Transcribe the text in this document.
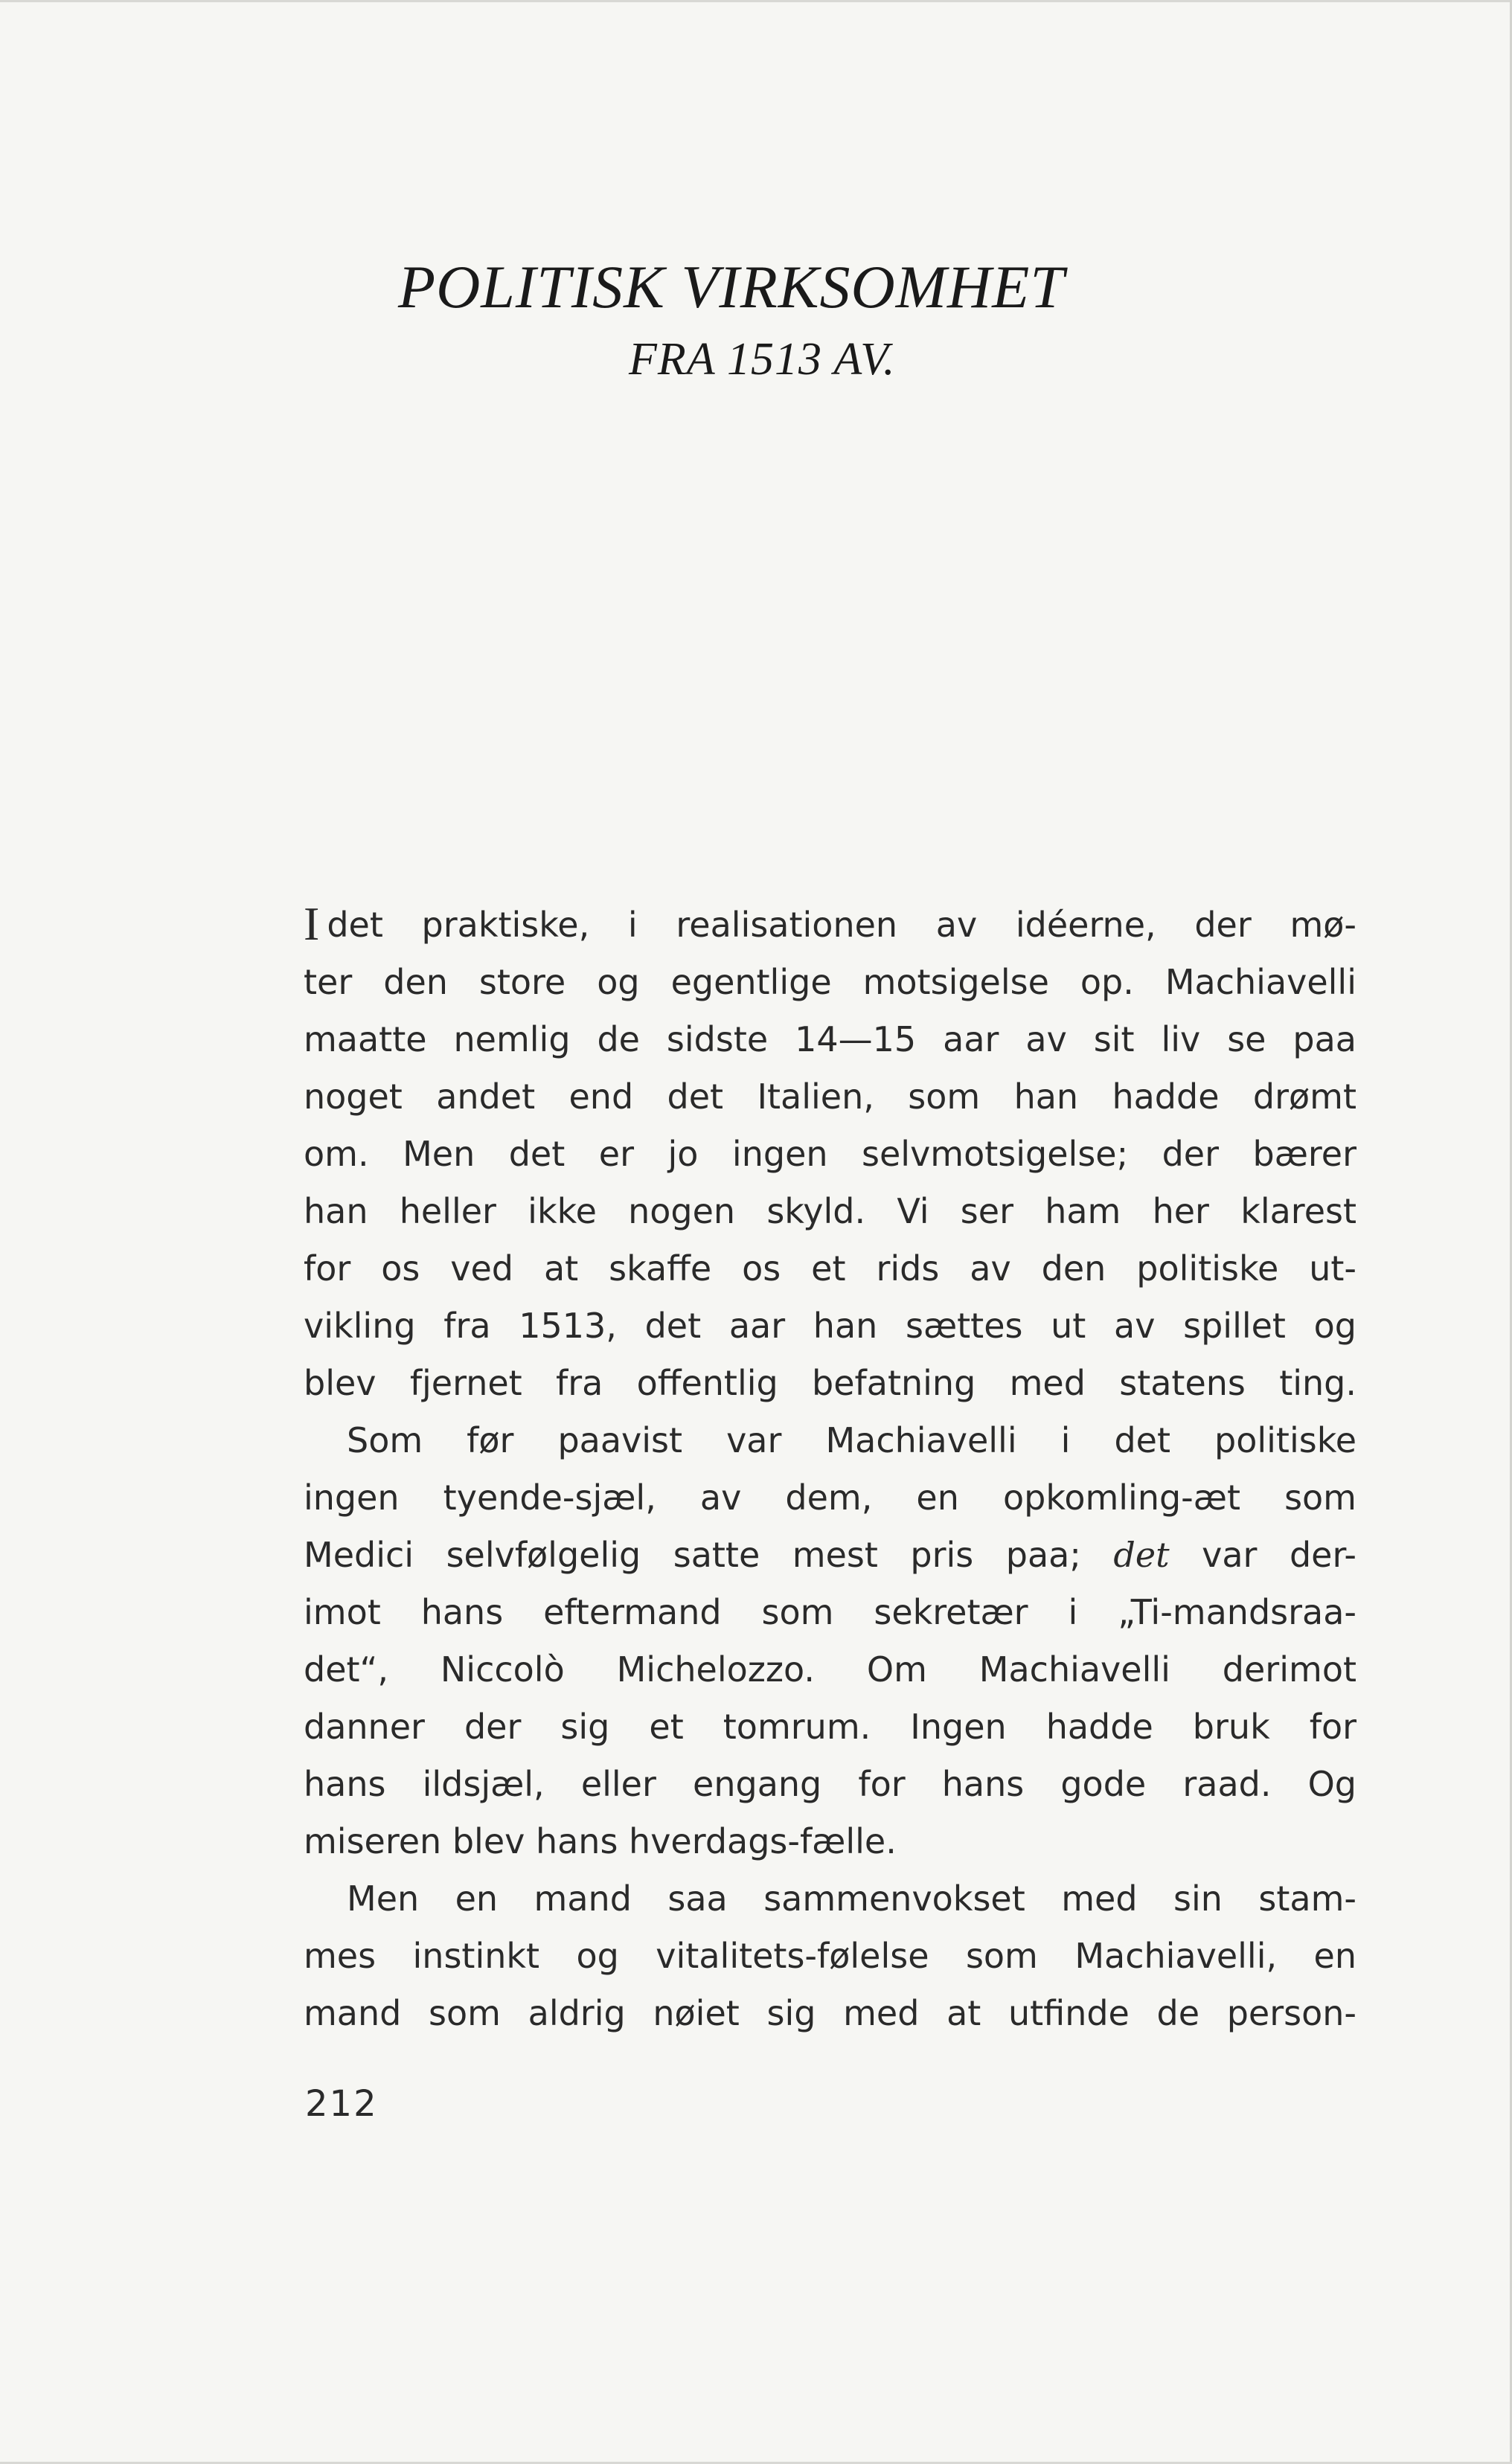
POLITISK VIRKSOMHET
FRA 1513 AV.
I det praktiske, i realisationen av idéerne, der mø-
ter den store og egentlige motsigelse op. Machiavelli
maatte nemlig de sidste 14—15 aar av sit liv se paa
noget andet end det Italien, som han hadde drømt
om. Men det er jo ingen selvmotsigelse; der bærer
han heller ikke nogen skyld. Vi ser ham her klarest
for os ved at skaffe os et rids av den politiske ut-
vikling fra 1513, det aar han sættes ut av spillet og
blev fjernet fra offentlig befatning med statens ting.
Som før paavist var Machiavelli i det politiske
ingen tyende-sjæl, av dem, en opkomling-æt som
Medici selvfølgelig satte mest pris paa; det var der-
imot hans eftermand som sekretær i „Ti-mandsraa-
det“, Niccolò Michelozzo. Om Machiavelli derimot
danner der sig et tomrum. Ingen hadde bruk for
hans ildsjæl, eller engang for hans gode raad. Og
miseren blev hans hverdags-fælle.
Men en mand saa sammenvokset med sin stam-
mes instinkt og vitalitets-følelse som Machiavelli, en
mand som aldrig nøiet sig med at utfinde de person-
212
